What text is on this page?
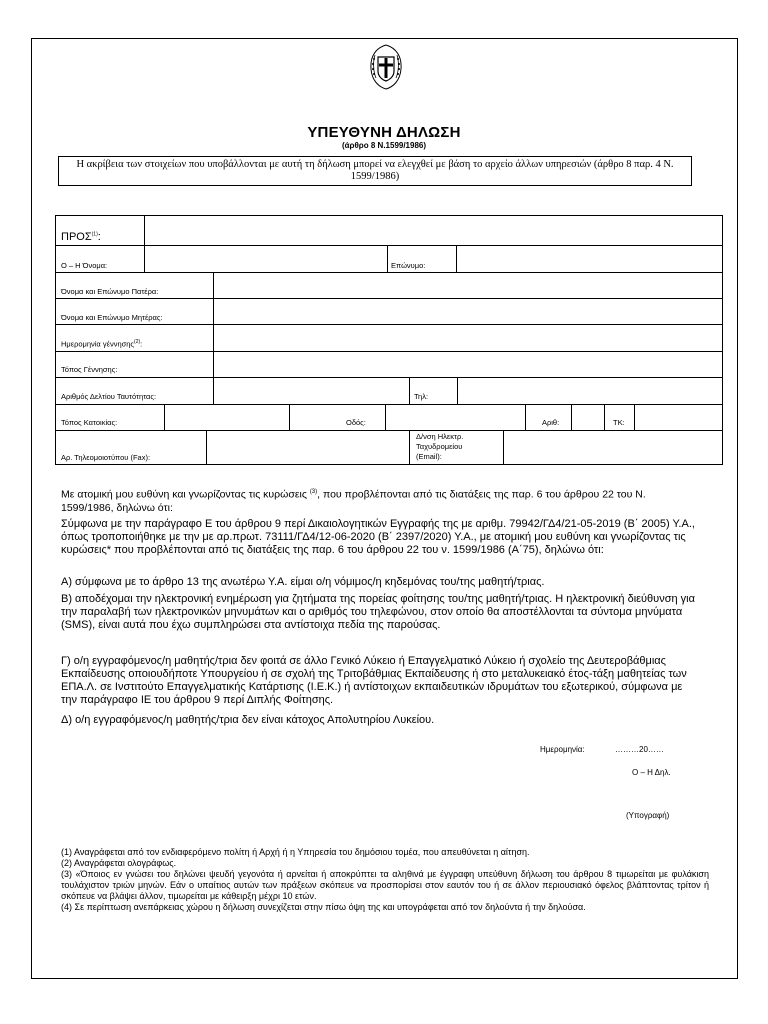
ΥΠΕΥΘΥΝΗ ΔΗΛΩΣΗ
(άρθρο 8 Ν.1599/1986)
Η ακρίβεια των στοιχείων που υποβάλλονται με αυτή τη δήλωση μπορεί να ελεγχθεί με βάση το αρχείο άλλων υπηρεσιών (άρθρο 8 παρ. 4 Ν. 1599/1986)
ΠΡΟΣ$^{(1)}$:
Ο – Η Όνομα:	Επώνυμο:
Όνομα και Επώνυμο Πατέρα:
Όνομα και Επώνυμο Μητέρας:
Ημερομηνία γέννησης$^{(2)}$:
Τόπος Γέννησης:
Αριθμός Δελτίου Ταυτότητας:	Τηλ:
Τόπος Κατοικίας:	Οδός:	Αριθ:	ΤΚ:
Αρ. Τηλεομοιοτύπου (Fax):
Δ/νση Ηλεκτρ.
Ταχυδρομείου
(Email):
Με ατομική μου ευθύνη και γνωρίζοντας τις κυρώσεις $^{(3)}$, που προβλέπονται από τις διατάξεις της παρ. 6 του άρθρου 22 του Ν. 1599/1986, δηλώνω ότι:
Σύμφωνα με την παράγραφο Ε του άρθρου 9 περί Δικαιολογητικών Εγγραφής της με αριθμ. 79942/ΓΔ4/21-05-2019 (Β΄ 2005) Υ.Α., όπως τροποποιήθηκε με την με αρ.πρωτ. 73111/ΓΔ4/12-06-2020 (Β΄ 2397/2020) Υ.Α., με ατομική μου ευθύνη και γνωρίζοντας τις κυρώσεις* που προβλέπονται από τις διατάξεις της παρ. 6 του άρθρου 22 του ν. 1599/1986 (Α΄75), δηλώνω ότι:
Α) σύμφωνα με το άρθρο 13 της ανωτέρω Υ.Α. είμαι ο/η νόμιμος/η κηδεμόνας του/της μαθητή/τριας.
Β) αποδέχομαι την ηλεκτρονική ενημέρωση για ζητήματα της πορείας φοίτησης του/της μαθητή/τριας. Η ηλεκτρονική διεύθυνση για την παραλαβή των ηλεκτρονικών μηνυμάτων και ο αριθμός του τηλεφώνου, στον οποίο θα αποστέλλονται τα σύντομα μηνύματα (SMS), είναι αυτά που έχω συμπληρώσει στα αντίστοιχα πεδία της παρούσας.
Γ) ο/η εγγραφόμενος/η μαθητής/τρια δεν φοιτά σε άλλο Γενικό Λύκειο ή Επαγγελματικό Λύκειο ή σχολείο της Δευτεροβάθμιας Εκπαίδευσης οποιουδήποτε Υπουργείου ή σε σχολή της Τριτοβάθμιας Εκπαίδευσης ή στο μεταλυκειακό έτος-τάξη μαθητείας των ΕΠΑ.Λ. σε Ινστιτούτο Επαγγελματικής Κατάρτισης (Ι.Ε.Κ.) ή αντίστοιχων εκπαιδευτικών ιδρυμάτων του εξωτερικού, σύμφωνα με την παράγραφο ΙΕ του άρθρου 9 περί Διπλής Φοίτησης.
Δ) ο/η εγγραφόμενος/η μαθητής/τρια δεν είναι κάτοχος Απολυτηρίου Λυκείου.
Ημερομηνία:	………20……
Ο – Η Δηλ.
(Υπογραφή)
(1) Αναγράφεται από τον ενδιαφερόμενο πολίτη ή Αρχή ή η Υπηρεσία του δημόσιου τομέα, που απευθύνεται η αίτηση.
(2) Αναγράφεται ολογράφως.
(3) «Όποιος εν γνώσει του δηλώνει ψευδή γεγονότα ή αρνείται ή αποκρύπτει τα αληθινά με έγγραφη υπεύθυνη δήλωση του άρθρου 8 τιμωρείται με φυλάκιση τουλάχιστον τριών μηνών. Εάν ο υπαίτιος αυτών των πράξεων σκόπευε να προσπορίσει στον εαυτόν του ή σε άλλον περιουσιακό όφελος βλάπτοντας τρίτον ή σκόπευε να βλάψει άλλον, τιμωρείται με κάθειρξη μέχρι 10 ετών.
(4) Σε περίπτωση ανεπάρκειας χώρου η δήλωση συνεχίζεται στην πίσω όψη της και υπογράφεται από τον δηλούντα ή την δηλούσα.
